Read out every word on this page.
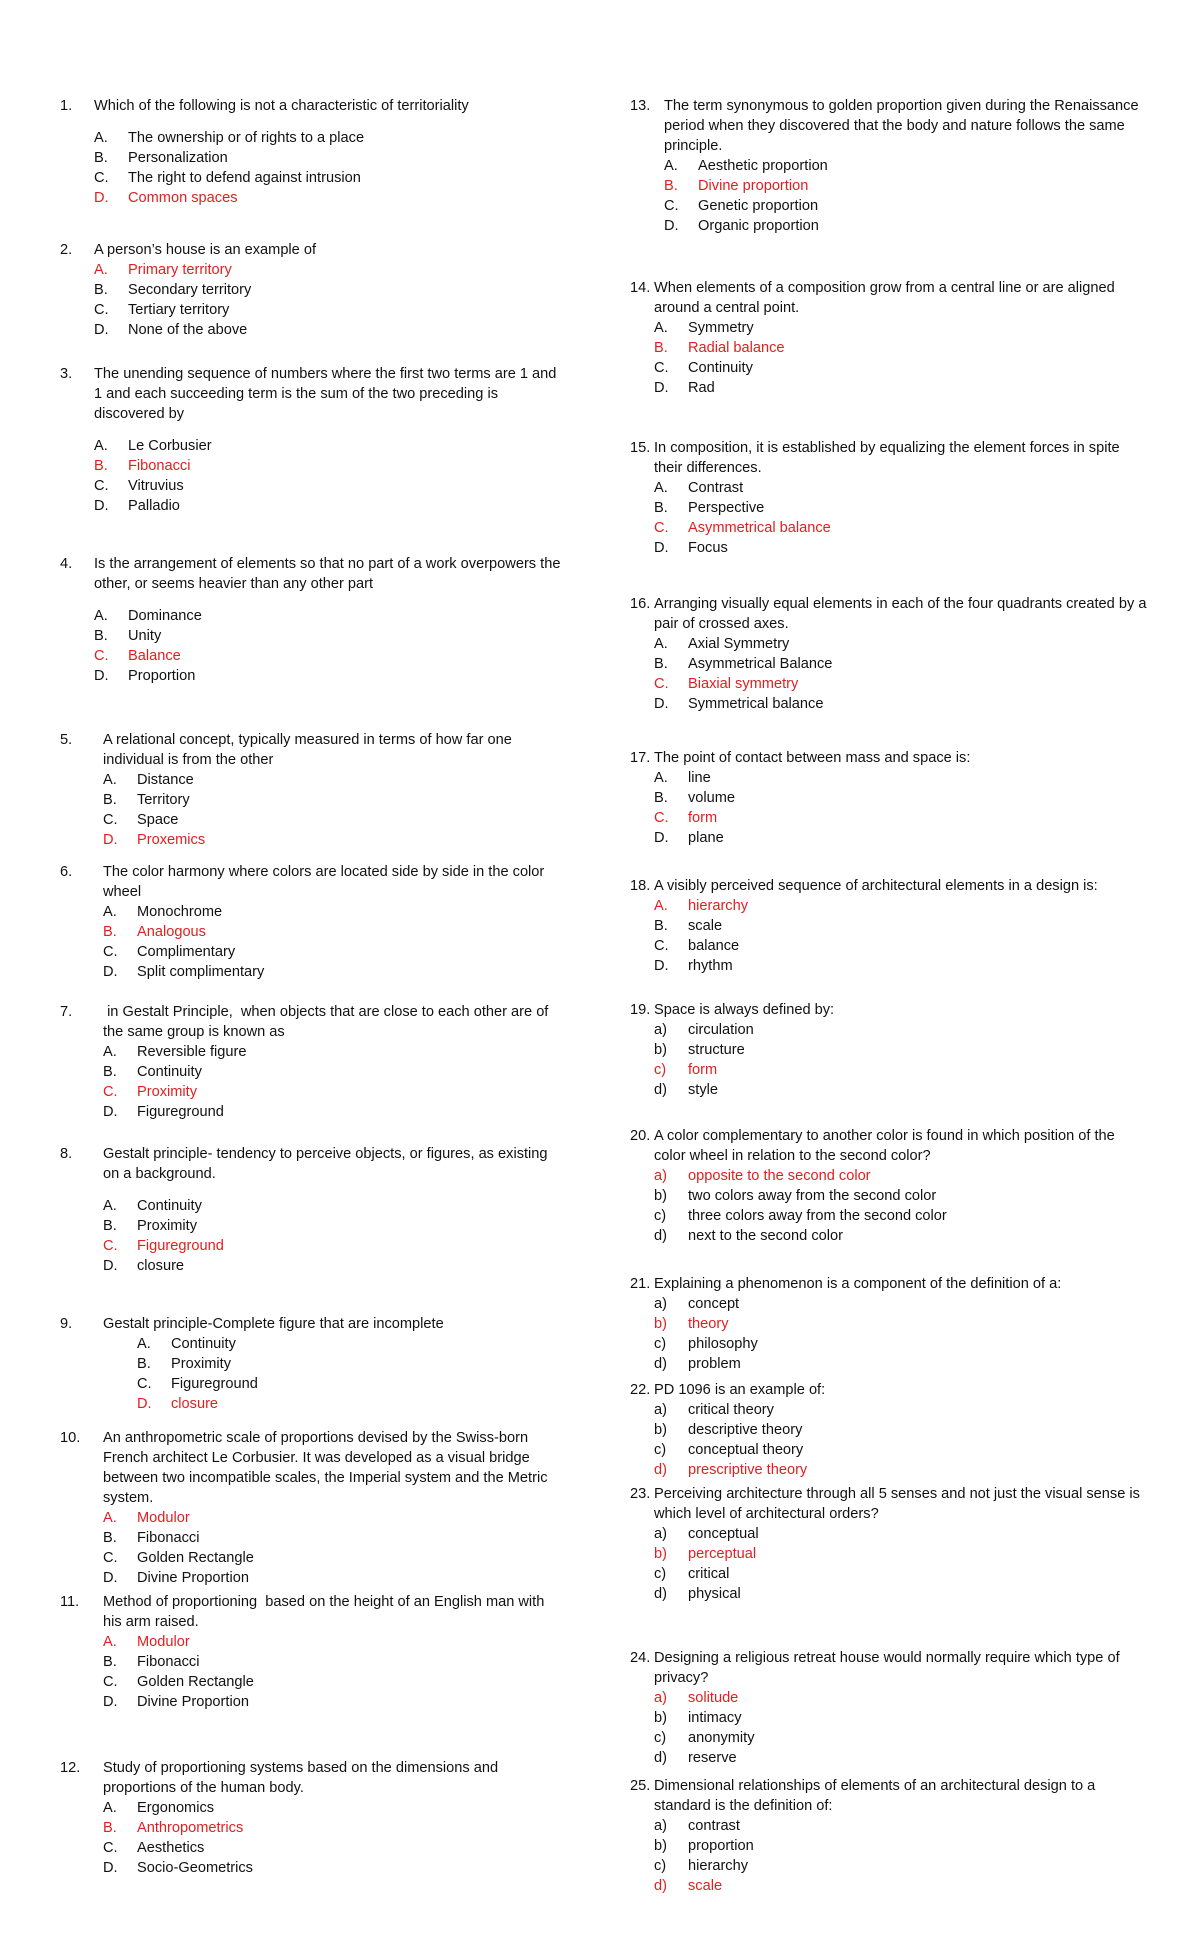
1.	Which of the following is not a characteristic of territoriality
A.	The ownership or of rights to a place
B.	Personalization
C.	The right to defend against intrusion
D.	Common spaces
2.	A person’s house is an example of
A.	Primary territory
B.	Secondary territory
C.	Tertiary territory
D.	None of the above
3.	The unending sequence of numbers where the first two terms are 1 and 1 and each succeeding term is the sum of the two preceding is discovered by
A.	Le Corbusier
B.	Fibonacci
C.	Vitruvius
D.	Palladio
4.	Is the arrangement of elements so that no part of a work overpowers the other, or seems heavier than any other part
A.	Dominance
B.	Unity
C.	Balance
D.	Proportion
5.	A relational concept, typically measured in terms of how far one individual is from the other
A.	Distance
B.	Territory
C.	Space
D.	Proxemics
6.	The color harmony where colors are located side by side in the color wheel
A.	Monochrome
B.	Analogous
C.	Complimentary
D.	Split complimentary
7.	in Gestalt Principle,  when objects that are close to each other are of the same group is known as
A.	Reversible figure
B.	Continuity
C.	Proximity
D.	Figureground
8.	Gestalt principle- tendency to perceive objects, or figures, as existing on a background.
A.	Continuity
B.	Proximity
C.	Figureground
D.	closure
9.	Gestalt principle-Complete figure that are incomplete
A.	Continuity
B.	Proximity
C.	Figureground
D.	closure
10.	An anthropometric scale of proportions devised by the Swiss-born French architect Le Corbusier. It was developed as a visual bridge between two incompatible scales, the Imperial system and the Metric system.
A.	Modulor
B.	Fibonacci
C.	Golden Rectangle
D.	Divine Proportion
11.	Method of proportioning  based on the height of an English man with his arm raised.
A.	Modulor
B.	Fibonacci
C.	Golden Rectangle
D.	Divine Proportion
12.	Study of proportioning systems based on the dimensions and proportions of the human body.
A.	Ergonomics
B.	Anthropometrics
C.	Aesthetics
D.	Socio-Geometrics
13. The term synonymous to golden proportion given during the Renaissance period when they discovered that the body and nature follows the same principle.
A.	Aesthetic proportion
B.	Divine proportion
C.	Genetic proportion
D.	Organic proportion
14. When elements of a composition grow from a central line or are aligned around a central point.
A.	Symmetry
B.	Radial balance
C.	Continuity
D.	Rad
15. In composition, it is established by equalizing the element forces in spite their differences.
A.	Contrast
B.	Perspective
C.	Asymmetrical balance
D.	Focus
16. Arranging visually equal elements in each of the four quadrants created by a pair of crossed axes.
A.	Axial Symmetry
B.	Asymmetrical Balance
C.	Biaxial symmetry
D.	Symmetrical balance
17. The point of contact between mass and space is:
A.	line
B.	volume
C.	form
D.	plane
18. A visibly perceived sequence of architectural elements in a design is:
A.	hierarchy
B.	scale
C.	balance
D.	rhythm
19. Space is always defined by:
a)	circulation
b)	structure
c)	form
d)	style
20. A color complementary to another color is found in which position of the color wheel in relation to the second color?
a)	opposite to the second color
b)	two colors away from the second color
c)	three colors away from the second color
d)	next to the second color
21. Explaining a phenomenon is a component of the definition of a:
a)	concept
b)	theory
c)	philosophy
d)	problem
22. PD 1096 is an example of:
a)	critical theory
b)	descriptive theory
c)	conceptual theory
d)	prescriptive theory
23. Perceiving architecture through all 5 senses and not just the visual sense is which level of architectural orders?
a)	conceptual
b)	perceptual
c)	critical
d)	physical
24. Designing a religious retreat house would normally require which type of privacy?
a)	solitude
b)	intimacy
c)	anonymity
d)	reserve
25. Dimensional relationships of elements of an architectural design to a standard is the definition of:
a)	contrast
b)	proportion
c)	hierarchy
d)	scale
